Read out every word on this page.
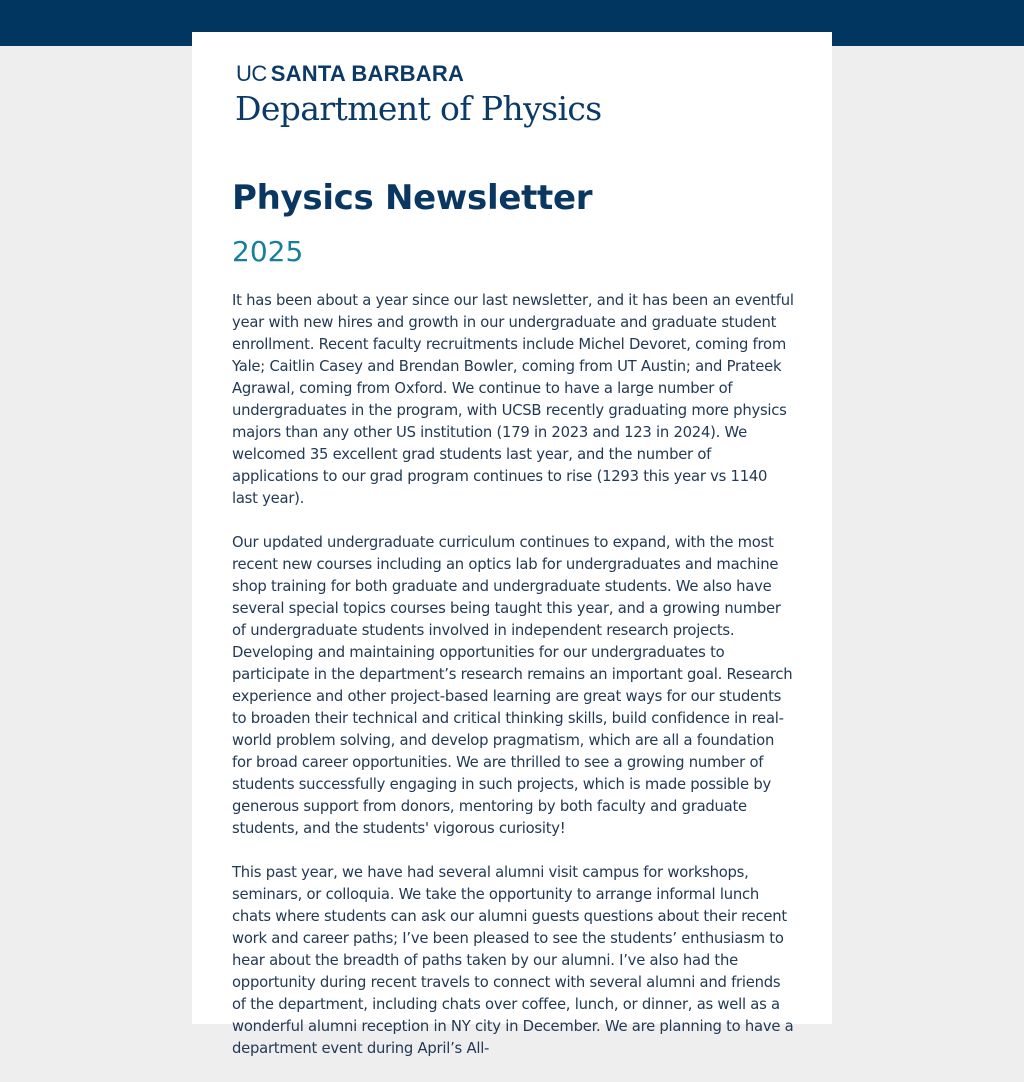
UC SANTA BARBARA
Department of Physics
Physics Newsletter
2025

It has been about a year since our last newsletter, and it has been an eventful year with new hires and growth in our undergraduate and graduate student enrollment. Recent faculty recruitments include Michel Devoret, coming from Yale; Caitlin Casey and Brendan Bowler, coming from UT Austin; and Prateek Agrawal, coming from Oxford. We continue to have a large number of undergraduates in the program, with UCSB recently graduating more physics majors than any other US institution (179 in 2023 and 123 in 2024). We welcomed 35 excellent grad students last year, and the number of applications to our grad program continues to rise (1293 this year vs 1140 last year).

Our updated undergraduate curriculum continues to expand, with the most recent new courses including an optics lab for undergraduates and machine shop training for both graduate and undergraduate students. We also have several special topics courses being taught this year, and a growing number of undergraduate students involved in independent research projects. Developing and maintaining opportunities for our undergraduates to participate in the department’s research remains an important goal. Research experience and other project-based learning are great ways for our students to broaden their technical and critical thinking skills, build confidence in real-world problem solving, and develop pragmatism, which are all a foundation for broad career opportunities. We are thrilled to see a growing number of students successfully engaging in such projects, which is made possible by generous support from donors, mentoring by both faculty and graduate students, and the students' vigorous curiosity!

This past year, we have had several alumni visit campus for workshops, seminars, or colloquia. We take the opportunity to arrange informal lunch chats where students can ask our alumni guests questions about their recent work and career paths; I’ve been pleased to see the students’ enthusiasm to hear about the breadth of paths taken by our alumni. I’ve also had the opportunity during recent travels to connect with several alumni and friends of the department, including chats over coffee, lunch, or dinner, as well as a wonderful alumni reception in NY city in December. We are planning to have a department event during April’s All-
